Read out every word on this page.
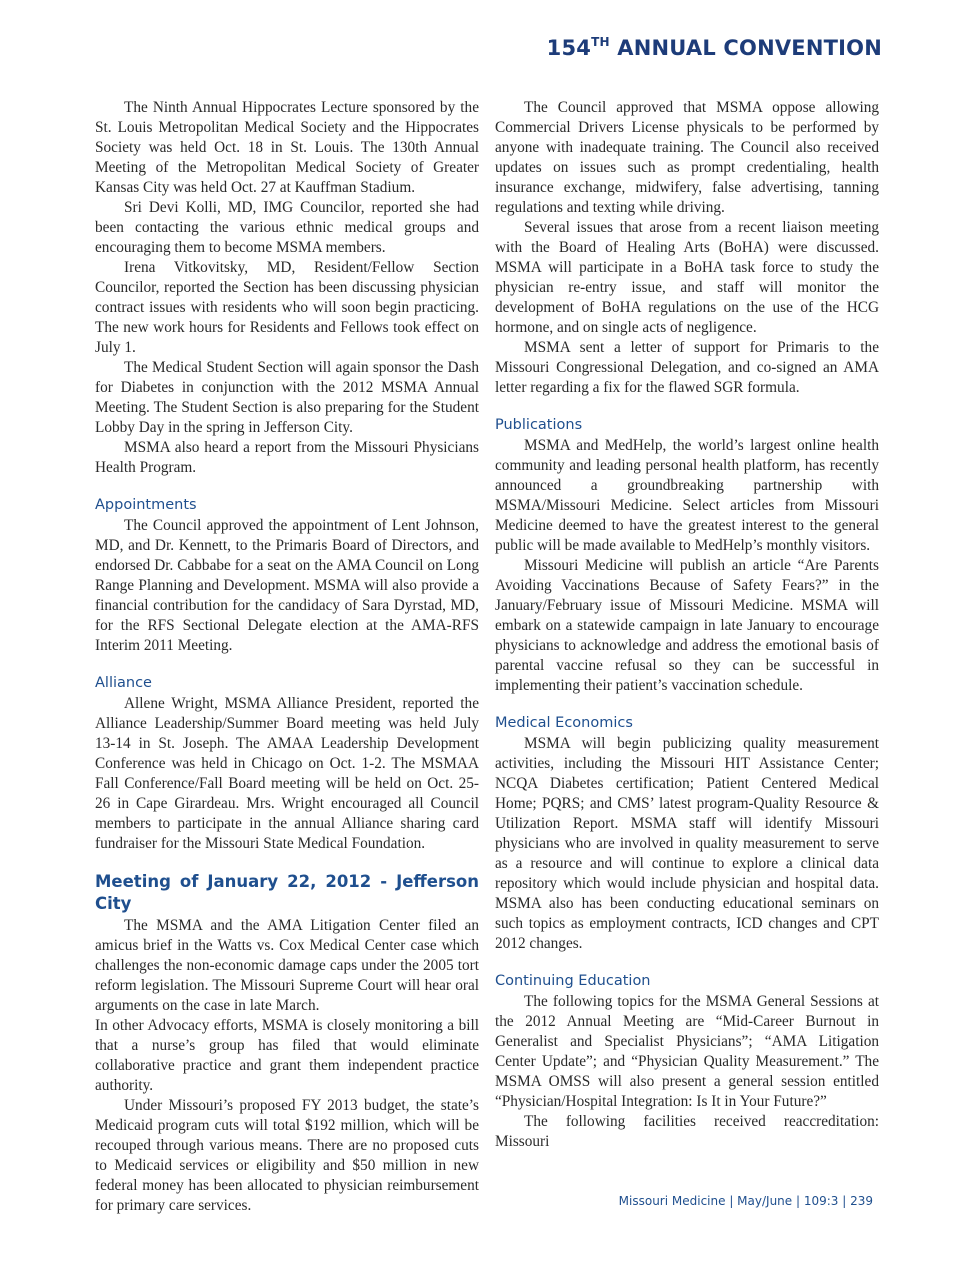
154TH ANNUAL CONVENTION

The Ninth Annual Hippocrates Lecture sponsored by the St. Louis Metropolitan Medical Society and the Hippocrates Society was held Oct. 18 in St. Louis. The 130th Annual Meeting of the Metropolitan Medical Society of Greater Kansas City was held Oct. 27 at Kauffman Stadium.

Sri Devi Kolli, MD, IMG Councilor, reported she had been contacting the various ethnic medical groups and encouraging them to become MSMA members.

Irena Vitkovitsky, MD, Resident/Fellow Section Councilor, reported the Section has been discussing physician contract issues with residents who will soon begin practicing. The new work hours for Residents and Fellows took effect on July 1.

The Medical Student Section will again sponsor the Dash for Diabetes in conjunction with the 2012 MSMA Annual Meeting. The Student Section is also preparing for the Student Lobby Day in the spring in Jefferson City.

MSMA also heard a report from the Missouri Physicians Health Program.

Appointments

The Council approved the appointment of Lent Johnson, MD, and Dr. Kennett, to the Primaris Board of Directors, and endorsed Dr. Cabbabe for a seat on the AMA Council on Long Range Planning and Development. MSMA will also provide a financial contribution for the candidacy of Sara Dyrstad, MD, for the RFS Sectional Delegate election at the AMA-RFS Interim 2011 Meeting.

Alliance

Allene Wright, MSMA Alliance President, reported the Alliance Leadership/Summer Board meeting was held July 13-14 in St. Joseph. The AMAA Leadership Development Conference was held in Chicago on Oct. 1-2. The MSMAA Fall Conference/Fall Board meeting will be held on Oct. 25-26 in Cape Girardeau. Mrs. Wright encouraged all Council members to participate in the annual Alliance sharing card fundraiser for the Missouri State Medical Foundation.

Meeting of January 22, 2012 - Jefferson City

The MSMA and the AMA Litigation Center filed an amicus brief in the Watts vs. Cox Medical Center case which challenges the non-economic damage caps under the 2005 tort reform legislation. The Missouri Supreme Court will hear oral arguments on the case in late March.

In other Advocacy efforts, MSMA is closely monitoring a bill that a nurse’s group has filed that would eliminate collaborative practice and grant them independent practice authority.

Under Missouri’s proposed FY 2013 budget, the state’s Medicaid program cuts will total $192 million, which will be recouped through various means. There are no proposed cuts to Medicaid services or eligibility and $50 million in new federal money has been allocated to physician reimbursement for primary care services.

The Council approved that MSMA oppose allowing Commercial Drivers License physicals to be performed by anyone with inadequate training. The Council also received updates on issues such as prompt credentialing, health insurance exchange, midwifery, false advertising, tanning regulations and texting while driving.

Several issues that arose from a recent liaison meeting with the Board of Healing Arts (BoHA) were discussed. MSMA will participate in a BoHA task force to study the physician re-entry issue, and staff will monitor the development of BoHA regulations on the use of the HCG hormone, and on single acts of negligence.

MSMA sent a letter of support for Primaris to the Missouri Congressional Delegation, and co-signed an AMA letter regarding a fix for the flawed SGR formula.

Publications

MSMA and MedHelp, the world’s largest online health community and leading personal health platform, has recently announced a groundbreaking partnership with MSMA/Missouri Medicine. Select articles from Missouri Medicine deemed to have the greatest interest to the general public will be made available to MedHelp’s monthly visitors.

Missouri Medicine will publish an article “Are Parents Avoiding Vaccinations Because of Safety Fears?” in the January/February issue of Missouri Medicine. MSMA will embark on a statewide campaign in late January to encourage physicians to acknowledge and address the emotional basis of parental vaccine refusal so they can be successful in implementing their patient’s vaccination schedule.

Medical Economics

MSMA will begin publicizing quality measurement activities, including the Missouri HIT Assistance Center; NCQA Diabetes certification; Patient Centered Medical Home; PQRS; and CMS’ latest program-Quality Resource & Utilization Report. MSMA staff will identify Missouri physicians who are involved in quality measurement to serve as a resource and will continue to explore a clinical data repository which would include physician and hospital data. MSMA also has been conducting educational seminars on such topics as employment contracts, ICD changes and CPT 2012 changes.

Continuing Education

The following topics for the MSMA General Sessions at the 2012 Annual Meeting are “Mid-Career Burnout in Generalist and Specialist Physicians”; “AMA Litigation Center Update”; and “Physician Quality Measurement.” The MSMA OMSS will also present a general session entitled “Physician/Hospital Integration: Is It in Your Future?”

The following facilities received reaccreditation: Missouri

Missouri Medicine | May/June | 109:3 | 239
